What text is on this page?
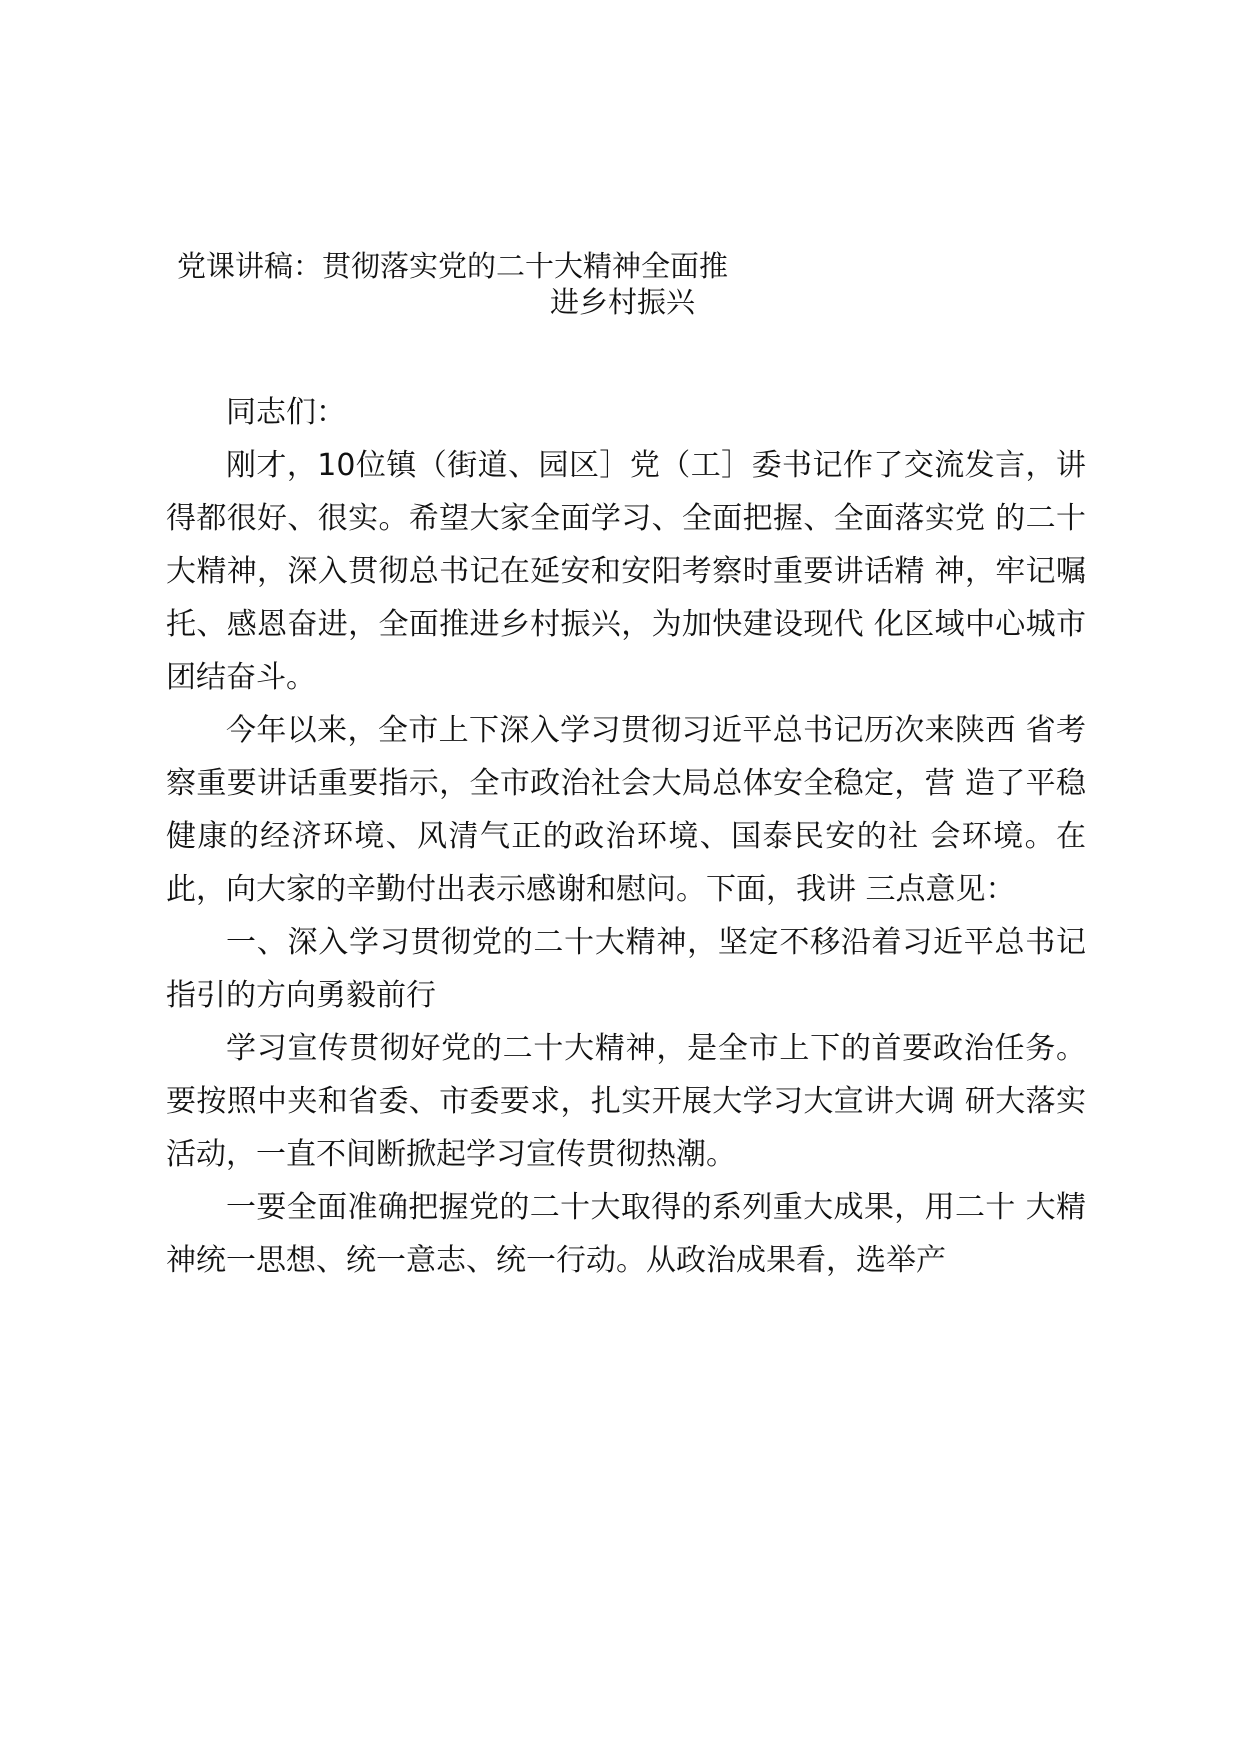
党课讲稿：贯彻落实党的二十大精神全面推
进乡村振兴

同志们：

刚才，10位镇（街道、园区］党（工］委书记作了交流发言，讲得都很好、很实。希望大家全面学习、全面把握、全面落实党 的二十大精神，深入贯彻总书记在延安和安阳考察时重要讲话精 神，牢记嘱托、感恩奋进，全面推进乡村振兴，为加快建设现代 化区域中心城市团结奋斗。

今年以来，全市上下深入学习贯彻习近平总书记历次来陕西 省考察重要讲话重要指示，全市政治社会大局总体安全稳定，营 造了平稳健康的经济环境、风清气正的政治环境、国泰民安的社 会环境。在此，向大家的辛勤付出表示感谢和慰问。下面，我讲 三点意见：

一、深入学习贯彻党的二十大精神，坚定不移沿着习近平总书记指引的方向勇毅前行

学习宣传贯彻好党的二十大精神，是全市上下的首要政治任务。要按照中夹和省委、市委要求，扎实开展大学习大宣讲大调 研大落实活动，一直不间断掀起学习宣传贯彻热潮。

一要全面准确把握党的二十大取得的系列重大成果，用二十 大精神统一思想、统一意志、统一行动。从政治成果看，选举产
